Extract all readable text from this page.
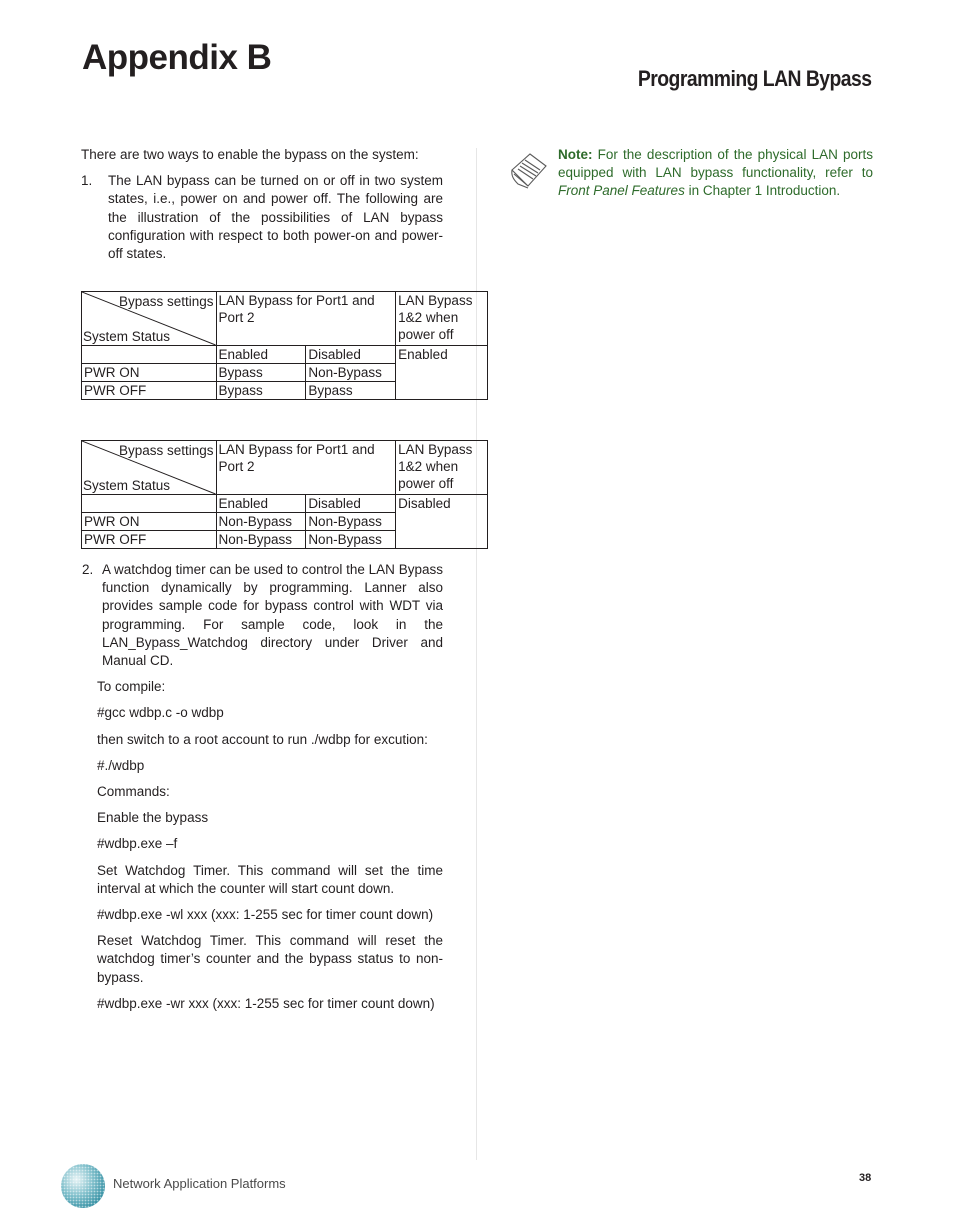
Appendix B
Programming LAN Bypass

There are two ways to enable the bypass on the system:

1.	The LAN bypass can be turned on or off in two system states, i.e., power on and power off. The following are the illustration of the possibilities of LAN bypass configuration with respect to both power-on and power-off states.
Bypass settings
System Status	LAN Bypass for Port1 and Port 2		LAN Bypass 1&2 when power off
	Enabled	Disabled	Enabled
PWR ON	Bypass	Non-Bypass	
PWR OFF	Bypass	Bypass	
Bypass settings
System Status	LAN Bypass for Port1 and Port 2		LAN Bypass 1&2 when power off
	Enabled	Disabled	Disabled
PWR ON	Non-Bypass	Non-Bypass	
PWR OFF	Non-Bypass	Non-Bypass	
2. A watchdog timer can be used to control the LAN Bypass function dynamically by programming. Lanner also provides sample code for bypass control with WDT via programming. For sample code, look in the LAN_Bypass_Watchdog directory under Driver and Manual CD.

To compile:

#gcc wdbp.c -o wdbp

then switch to a root account to run ./wdbp for excution:

#./wdbp

Commands:

Enable the bypass

#wdbp.exe –f

Set Watchdog Timer. This command will set the time interval at which the counter will start count down.

#wdbp.exe -wl xxx (xxx: 1-255 sec for timer count down)

Reset Watchdog Timer. This command will reset the watchdog timer’s counter and the bypass status to non-bypass.

#wdbp.exe -wr xxx (xxx: 1-255 sec for timer count down)

Note: For the description of the physical LAN ports equipped with LAN bypass functionality, refer to Front Panel Features in Chapter 1 Introduction.
Network Application Platforms	38
